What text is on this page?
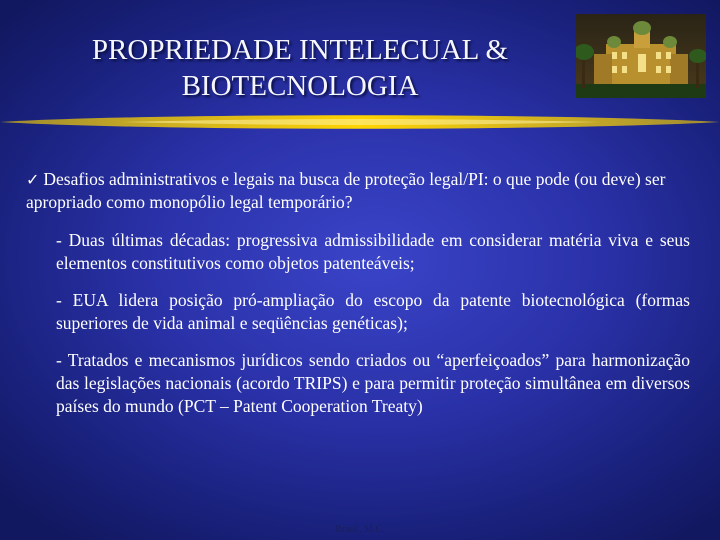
PROPRIEDADE INTELECUAL &
BIOTECNOLOGIA
✓ Desafios administrativos e legais na busca de proteção legal/PI: o que pode (ou deve) ser apropriado como monopólio legal temporário?
- Duas últimas décadas: progressiva admissibilidade em considerar matéria viva e seus elementos constitutivos como objetos patenteáveis;
- EUA lidera posição pró-ampliação do escopo da patente biotecnológica (formas superiores de vida animal e seqüências genéticas);
- Tratados e mecanismos jurídicos sendo criados ou “aperfeiçoados” para harmonização das legislações nacionais (acordo TRIPS) e para permitir proteção simultânea em diversos países do mundo (PCT – Patent Cooperation Treaty)
Brasil, M.C.
